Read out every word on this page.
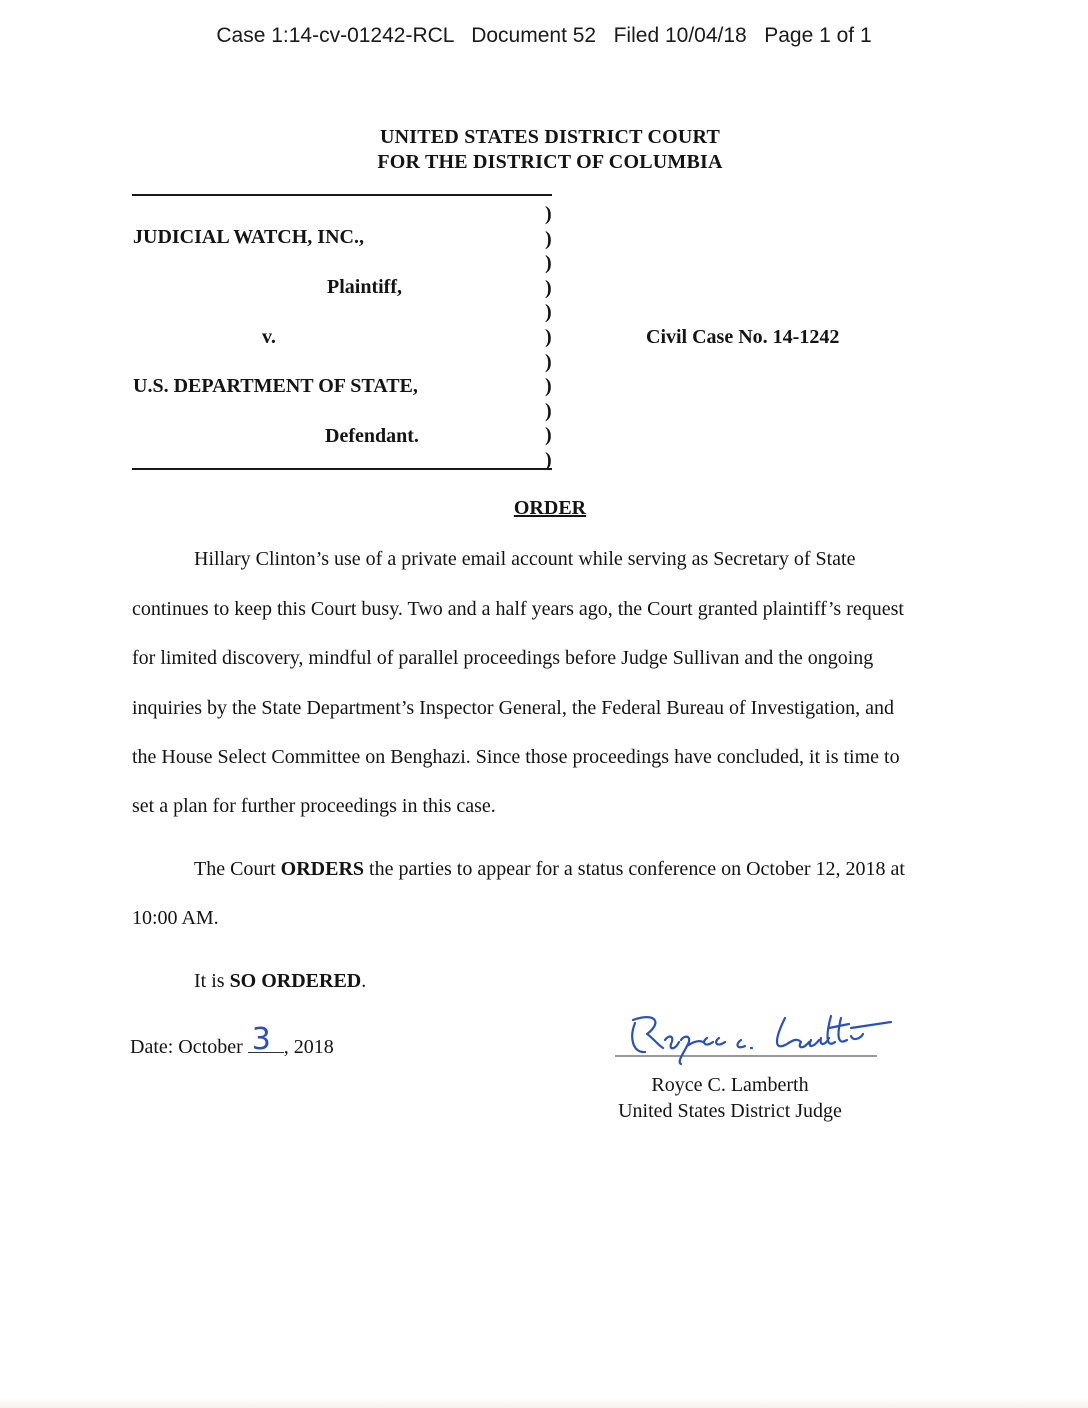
Case 1:14-cv-01242-RCL   Document 52   Filed 10/04/18   Page 1 of 1
UNITED STATES DISTRICT COURT
FOR THE DISTRICT OF COLUMBIA
JUDICIAL WATCH, INC.,
Plaintiff,
v.
U.S. DEPARTMENT OF STATE,
Defendant.
)
)
)
)
)
)
)
)
)
)
)
Civil Case No. 14-1242
ORDER
Hillary Clinton’s use of a private email account while serving as Secretary of State
continues to keep this Court busy. Two and a half years ago, the Court granted plaintiff’s request
for limited discovery, mindful of parallel proceedings before Judge Sullivan and the ongoing
inquiries by the State Department’s Inspector General, the Federal Bureau of Investigation, and
the House Select Committee on Benghazi. Since those proceedings have concluded, it is time to
set a plan for further proceedings in this case.
The Court ORDERS the parties to appear for a status conference on October 12, 2018 at
10:00 AM.
It is SO ORDERED.
Date: October 3 , 2018
Royce C. Lamberth
United States District Judge
